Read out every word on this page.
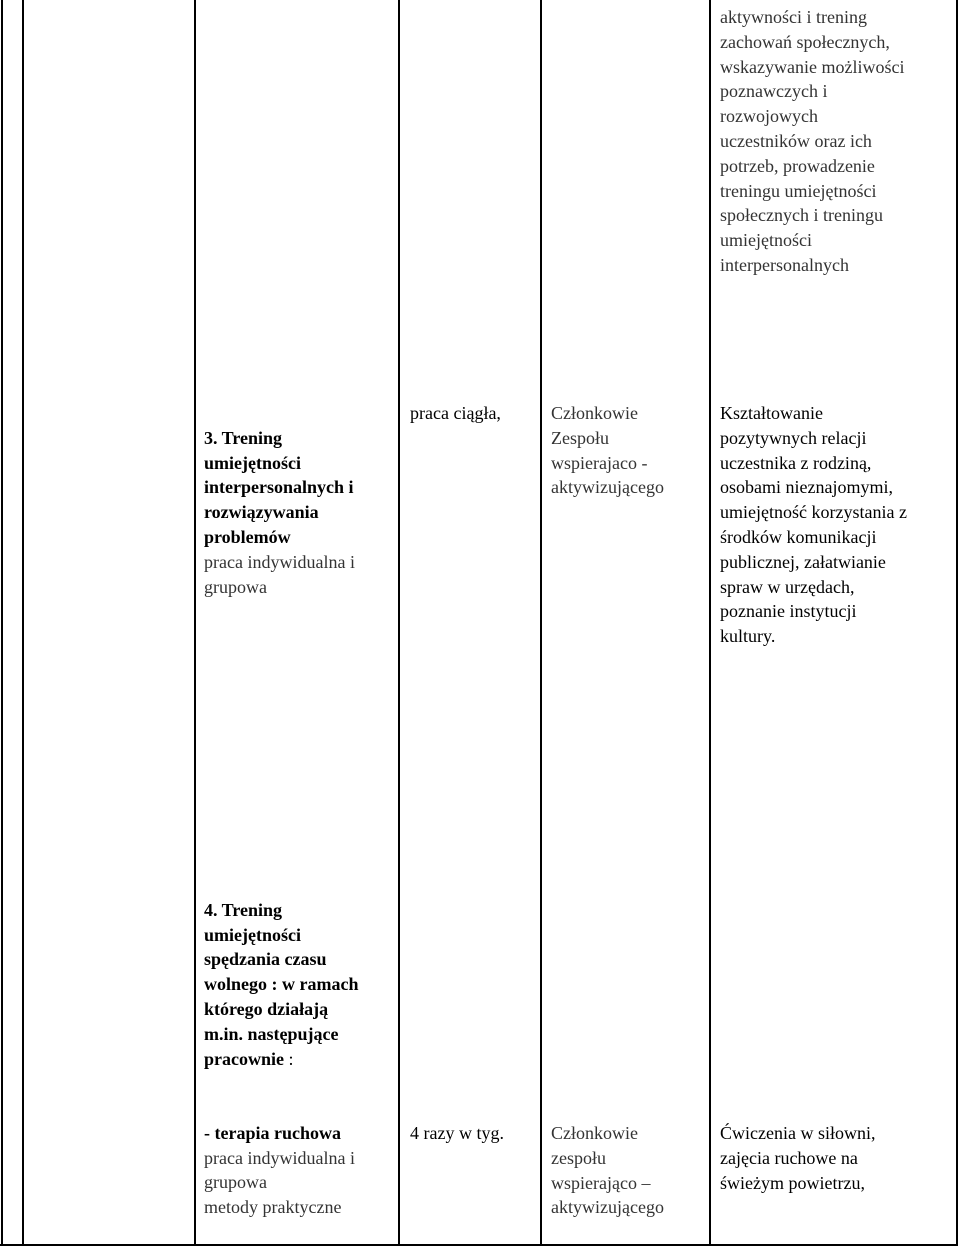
aktywności i trening
zachowań społecznych,
wskazywanie możliwości
poznawczych i
rozwojowych
uczestników oraz ich
potrzeb, prowadzenie
treningu umiejętności
społecznych i treningu
umiejętności
interpersonalnych

3. Trening
umiejętności
interpersonalnych i
rozwiązywania
problemów

praca indywidualna i
grupowa

praca ciągła,	Członkowie
Zespołu
wspierajaco -
aktywizującego
Kształtowanie
pozytywnych relacji
uczestnika z rodziną,
osobami nieznajomymi,
umiejętność korzystania z
środków komunikacji
publicznej, załatwianie
spraw w urzędach,
poznanie instytucji
kultury.

4. Trening
umiejętności
spędzania czasu
wolnego : w ramach
którego działają
m.in. następujące
pracownie :

- terapia ruchowa

praca indywidualna i
grupowa
metody praktyczne

4 razy w tyg.	Członkowie
zespołu
wspierająco –
aktywizującego
Ćwiczenia w siłowni,
zajęcia ruchowe na
świeżym powietrzu,
